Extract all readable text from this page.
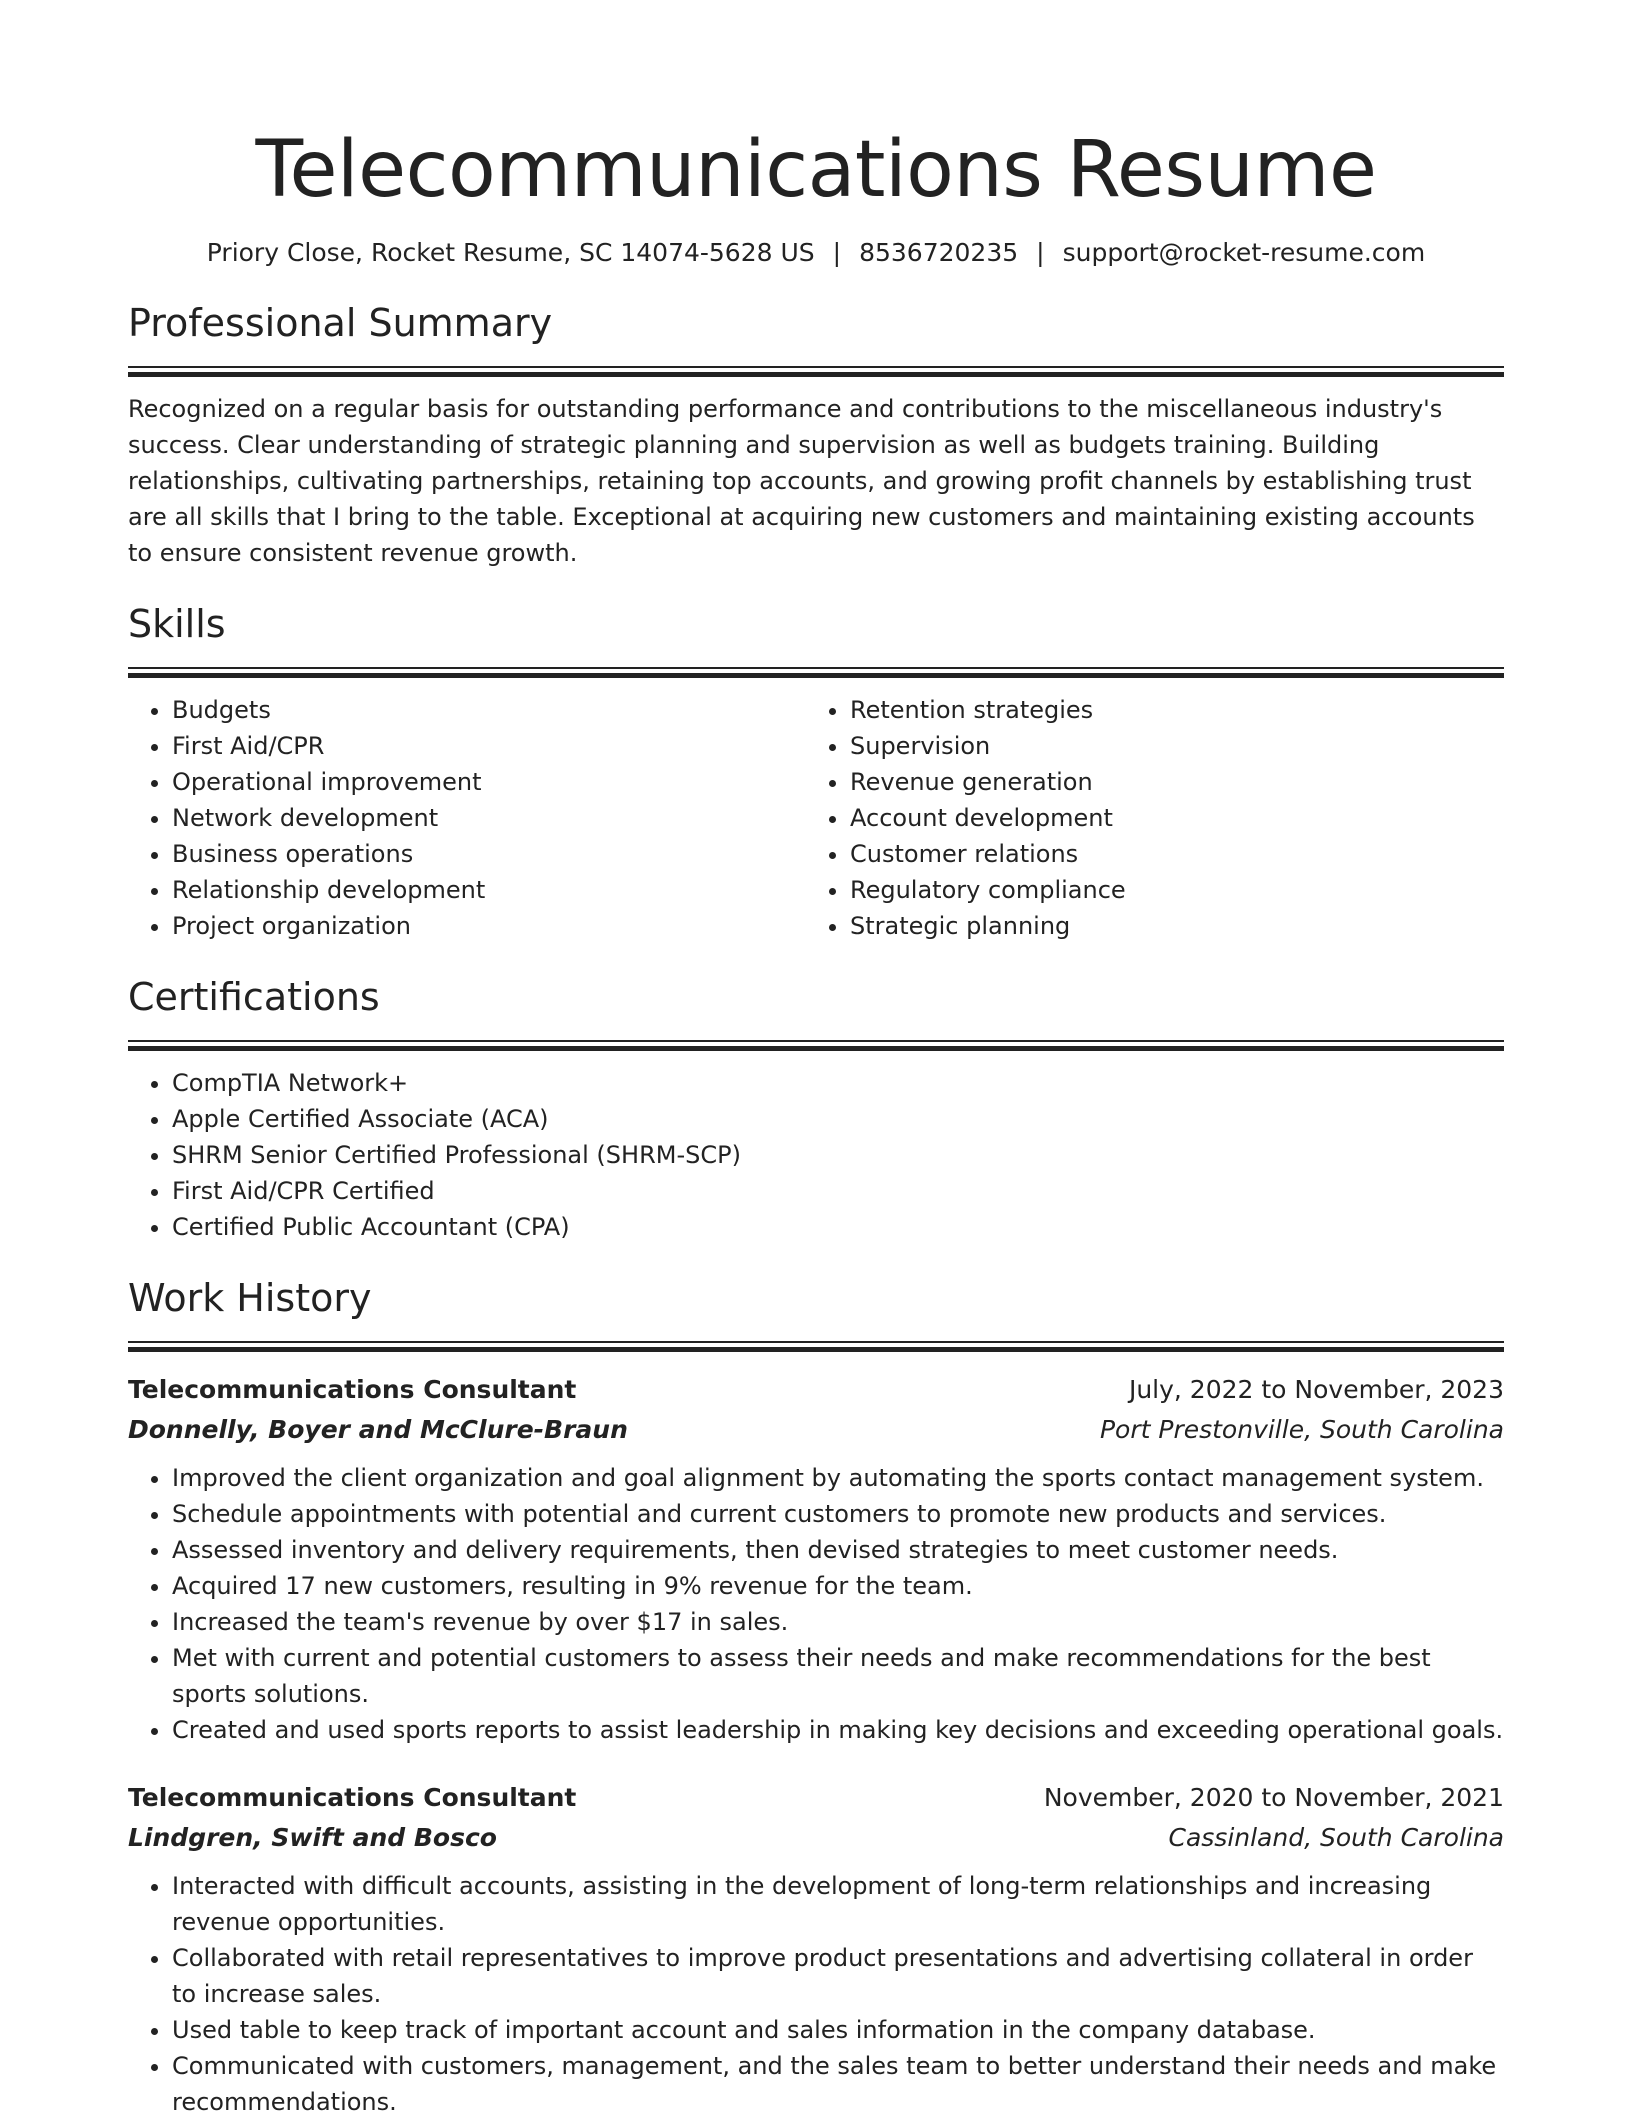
Telecommunications Resume
Priory Close, Rocket Resume, SC 14074-5628 US | 8536720235 | support@rocket-resume.com
Professional Summary

Recognized on a regular basis for outstanding performance and contributions to the miscellaneous industry's success. Clear understanding of strategic planning and supervision as well as budgets training. Building relationships, cultivating partnerships, retaining top accounts, and growing profit channels by establishing trust are all skills that I bring to the table. Exceptional at acquiring new customers and maintaining existing accounts to ensure consistent revenue growth.

Skills
• Budgets
• First Aid/CPR
• Operational improvement
• Network development
• Business operations
• Relationship development
• Project organization
• Retention strategies
• Supervision
• Revenue generation
• Account development
• Customer relations
• Regulatory compliance
• Strategic planning
Certifications
• CompTIA Network+
• Apple Certified Associate (ACA)
• SHRM Senior Certified Professional (SHRM-SCP)
• First Aid/CPR Certified
• Certified Public Accountant (CPA)
Work History
Telecommunications Consultant	July, 2022 to November, 2023
Donnelly, Boyer and McClure-Braun	Port Prestonville, South Carolina
• Improved the client organization and goal alignment by automating the sports contact management system.
• Schedule appointments with potential and current customers to promote new products and services.
• Assessed inventory and delivery requirements, then devised strategies to meet customer needs.
• Acquired 17 new customers, resulting in 9% revenue for the team.
• Increased the team's revenue by over $17 in sales.
• Met with current and potential customers to assess their needs and make recommendations for the best sports solutions.
• Created and used sports reports to assist leadership in making key decisions and exceeding operational goals.
Telecommunications Consultant	November, 2020 to November, 2021
Lindgren, Swift and Bosco	Cassinland, South Carolina
• Interacted with difficult accounts, assisting in the development of long-term relationships and increasing revenue opportunities.
• Collaborated with retail representatives to improve product presentations and advertising collateral in order to increase sales.
• Used table to keep track of important account and sales information in the company database.
• Communicated with customers, management, and the sales team to better understand their needs and make recommendations.
